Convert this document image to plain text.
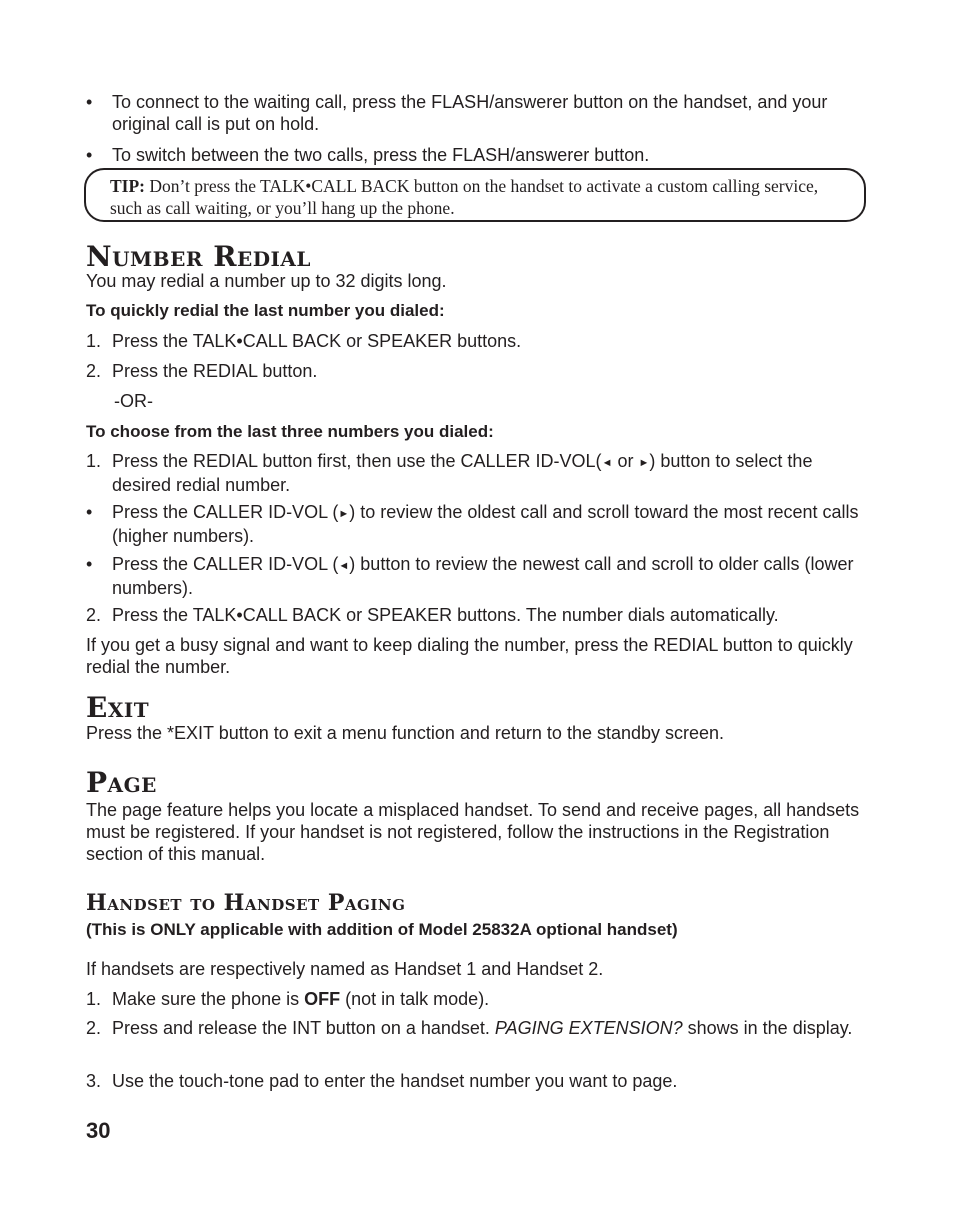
•	To connect to the waiting call, press the FLASH/answerer button on the handset, and your original call is put on hold.
•	To switch between the two calls, press the FLASH/answerer button.
TIP: Don’t press the TALK•CALL BACK button on the handset to activate a custom calling service, such as call waiting, or you’ll hang up the phone.
Number Redial
You may redial a number up to 32 digits long.
To quickly redial the last number you dialed:
1. Press the TALK•CALL BACK or SPEAKER buttons.
2. Press the REDIAL button.
-OR-
To choose from the last three numbers you dialed:
1. Press the REDIAL button first, then use the CALLER ID-VOL(◄ or ►) button to select the desired redial number.
•	Press the CALLER ID-VOL (►) to review the oldest call and scroll toward the most recent calls (higher numbers).
•	Press the CALLER ID-VOL (◄) button to review the newest call and scroll to older calls (lower numbers).
2. Press the TALK•CALL BACK or SPEAKER buttons. The number dials automatically.
If you get a busy signal and want to keep dialing the number, press the REDIAL button to quickly redial the number.
Exit
Press the *EXIT button to exit a menu function and return to the standby screen.
Page
The page feature helps you locate a misplaced handset. To send and receive pages, all handsets must be registered. If your handset is not registered, follow the instructions in the Registration section of this manual.
Handset to Handset Paging
(This is ONLY applicable with addition of Model 25832A optional handset)
If handsets are respectively named as Handset 1 and Handset 2.
1. Make sure the phone is OFF (not in talk mode).
2. Press and release the INT button on a handset. PAGING EXTENSION? shows in the display.
3. Use the touch-tone pad to enter the handset number you want to page.
30
